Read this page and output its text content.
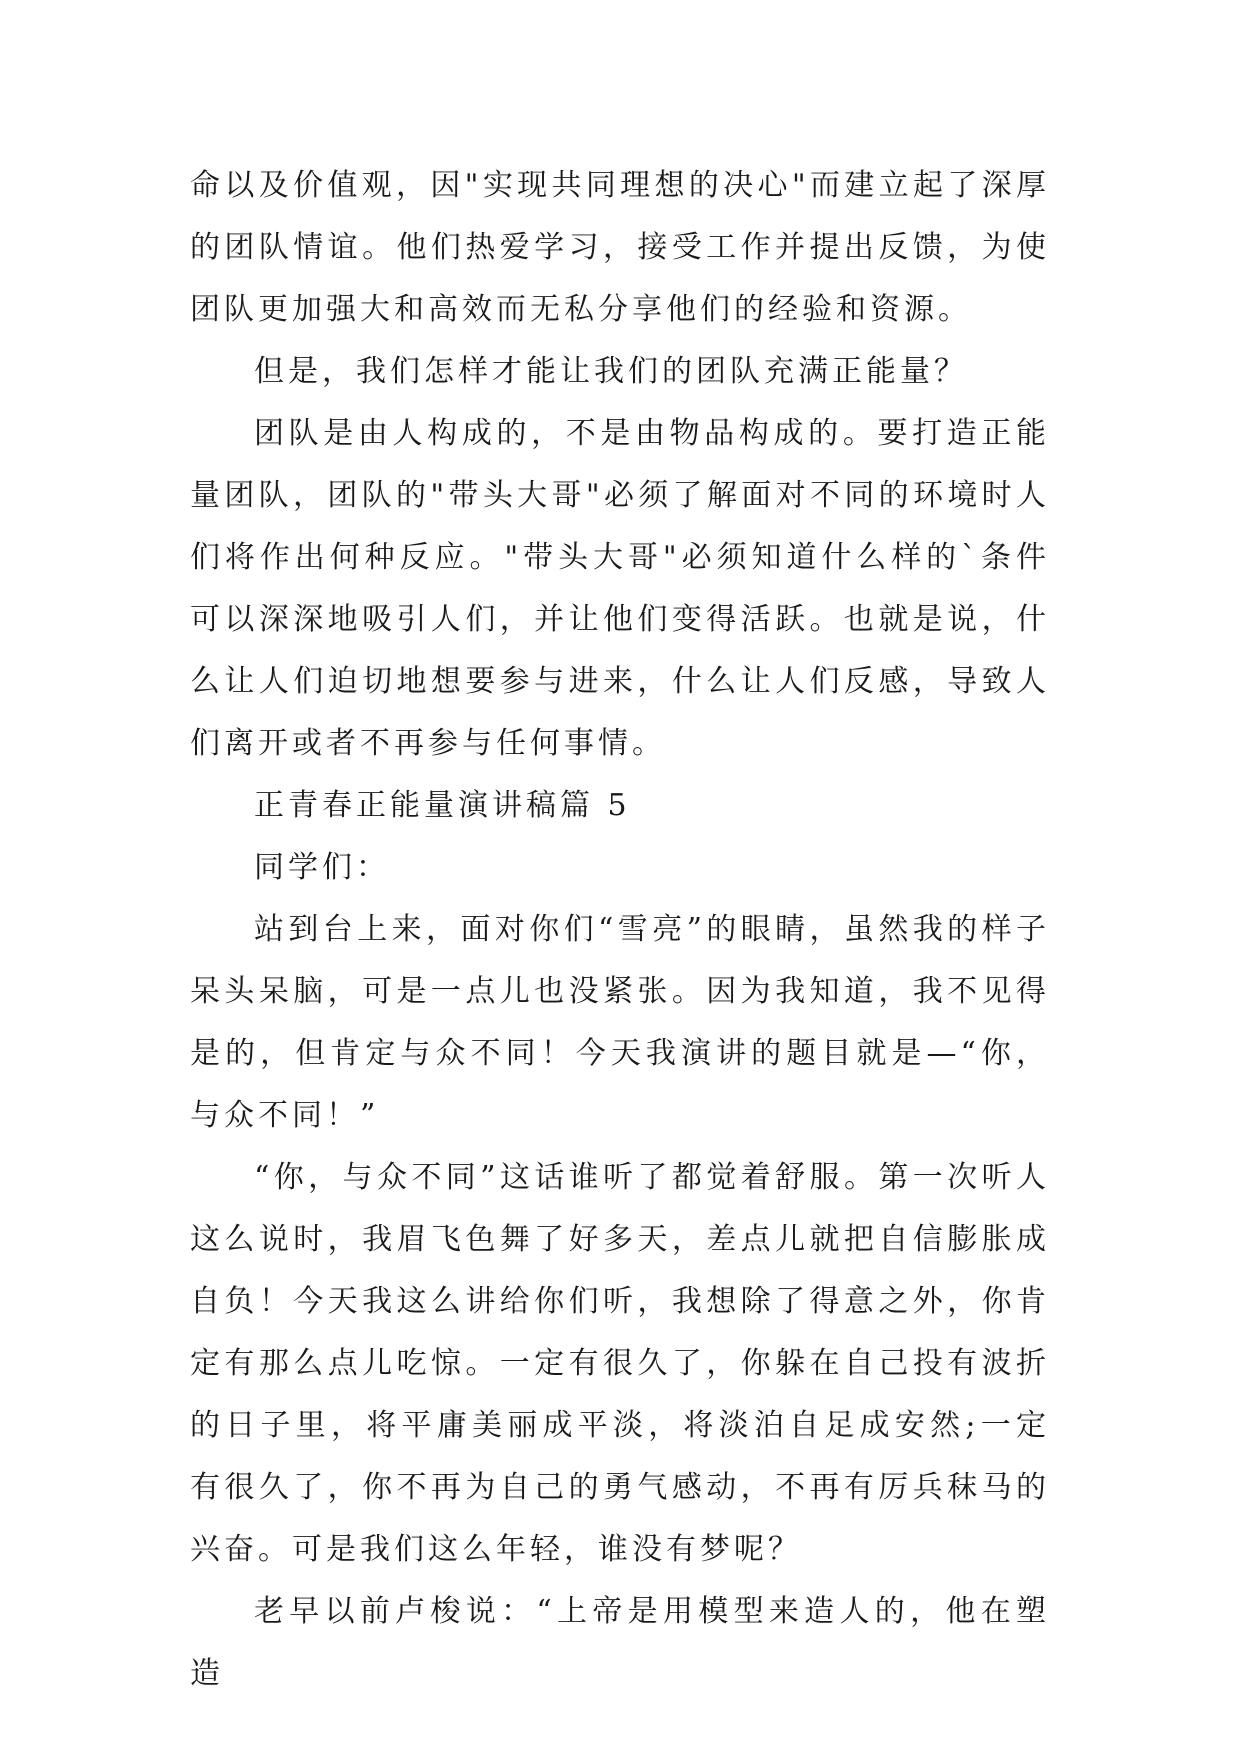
命以及价值观，因"实现共同理想的决心"而建立起了深厚的团队情谊。他们热爱学习，接受工作并提出反馈，为使团队更加强大和高效而无私分享他们的经验和资源。

但是，我们怎样才能让我们的团队充满正能量？

团队是由人构成的，不是由物品构成的。要打造正能量团队，团队的"带头大哥"必须了解面对不同的环境时人们将作出何种反应。"带头大哥"必须知道什么样的`条件可以深深地吸引人们，并让他们变得活跃。也就是说，什么让人们迫切地想要参与进来，什么让人们反感，导致人们离开或者不再参与任何事情。

正青春正能量演讲稿篇 5

同学们：

站到台上来，面对你们“雪亮”的眼睛，虽然我的样子呆头呆脑，可是一点儿也没紧张。因为我知道，我不见得是的，但肯定与众不同！今天我演讲的题目就是—“你，与众不同！”

“你，与众不同”这话谁听了都觉着舒服。第一次听人这么说时，我眉飞色舞了好多天，差点儿就把自信膨胀成自负！今天我这么讲给你们听，我想除了得意之外，你肯定有那么点儿吃惊。一定有很久了，你躲在自己投有波折的日子里，将平庸美丽成平淡，将淡泊自足成安然;一定有很久了，你不再为自己的勇气感动，不再有厉兵秣马的兴奋。可是我们这么年轻，谁没有梦呢？

老早以前卢梭说：“上帝是用模型来造人的，他在塑造
